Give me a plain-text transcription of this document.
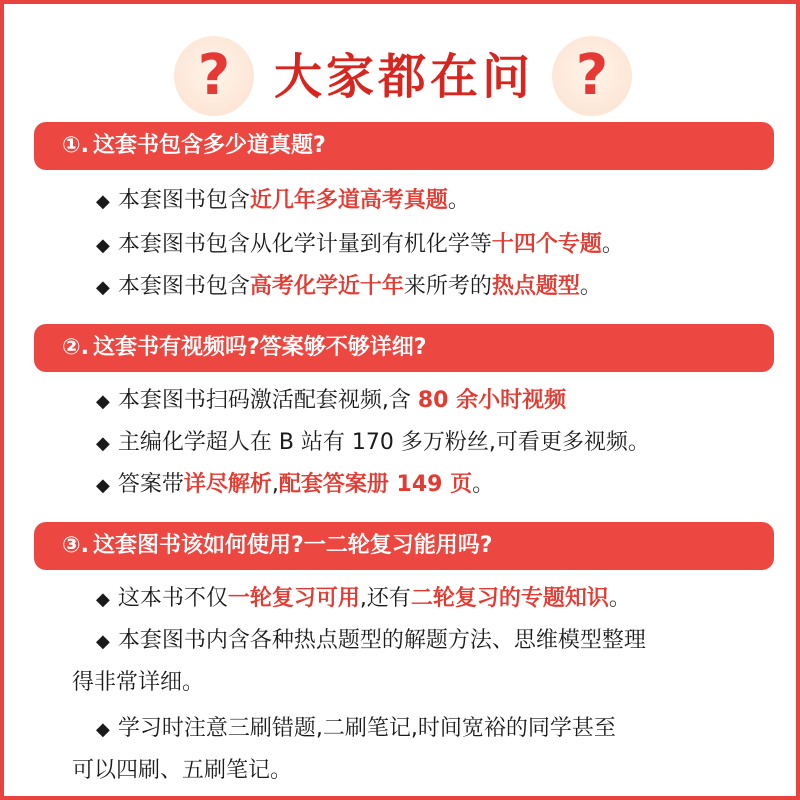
? 大家都在问 ?
①. 这套书包含多少道真题?
◆ 本套图书包含近几年多道高考真题。
◆ 本套图书包含从化学计量到有机化学等十四个专题。
◆ 本套图书包含高考化学近十年来所考的热点题型。
②. 这套书有视频吗?答案够不够详细?
◆ 本套图书扫码激活配套视频,含 80 余小时视频
◆ 主编化学超人在 B 站有 170 多万粉丝,可看更多视频。
◆ 答案带详尽解析,配套答案册 149 页。
③. 这套图书该如何使用?一二轮复习能用吗?
◆ 这本书不仅一轮复习可用,还有二轮复习的专题知识。
◆ 本套图书内含各种热点题型的解题方法、思维模型整理
得非常详细。
◆ 学习时注意三刷错题,二刷笔记,时间宽裕的同学甚至
可以四刷、五刷笔记。
